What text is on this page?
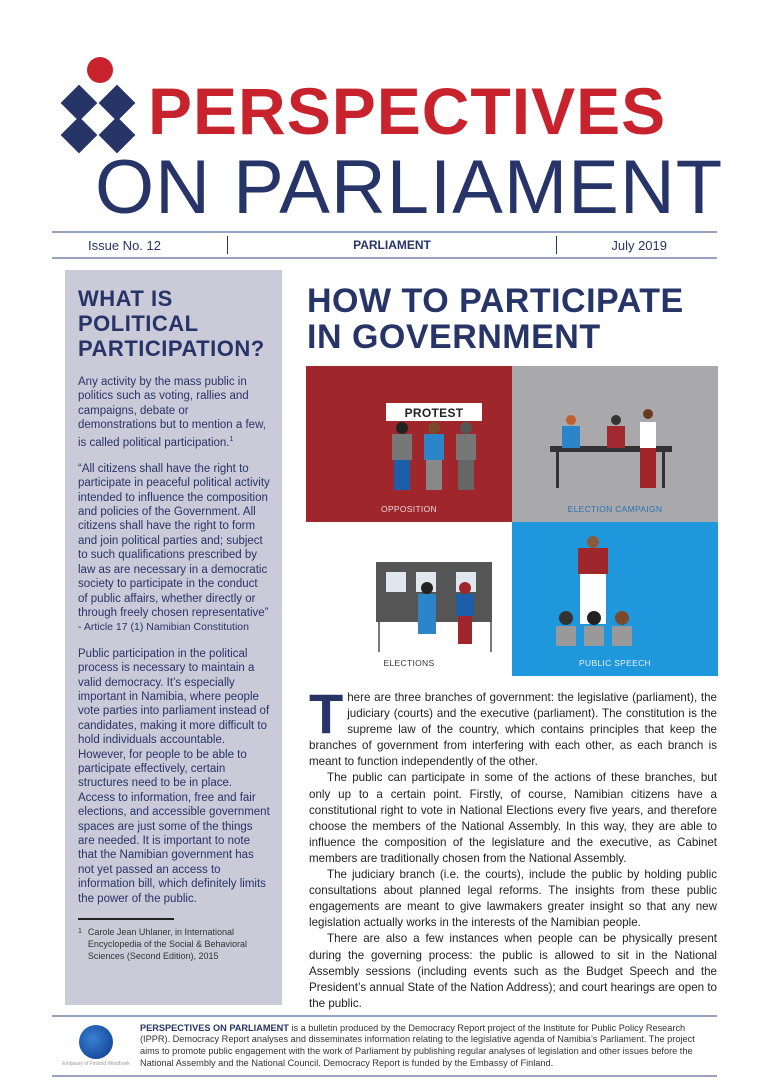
PERSPECTIVES
ON PARLIAMENT
Issue No. 12	PARLIAMENT	July 2019
WHAT IS POLITICAL PARTICIPATION?

Any activity by the mass public in politics such as voting, rallies and campaigns, debate or demonstrations but to mention a few, is called political participation.$^1$

“All citizens shall have the right to participate in peaceful political activity intended to influence the composition and policies of the Government. All citizens shall have the right to form and join political parties and; subject to such qualifications prescribed by law as are necessary in a democratic society to participate in the conduct of public affairs, whether directly or through freely chosen representative”

- Article 17 (1) Namibian Constitution

Public participation in the political process is necessary to maintain a valid democracy. It’s especially important in Namibia, where people vote parties into parliament instead of candidates, making it more difficult to hold individuals accountable. However, for people to be able to participate effectively, certain structures need to be in place. Access to information, free and fair elections, and accessible government spaces are just some of the things are needed. It is important to note that the Namibian government has not yet passed an access to information bill, which definitely limits the power of the public.

1 Carole Jean Uhlaner, in International Encyclopedia of the Social & Behavioral Sciences (Second Edition), 2015
HOW TO PARTICIPATE
IN GOVERNMENT
PROTEST
OPPOSITION	ELECTION CAMPAIGN
ELECTIONS	PUBLIC SPEECH

There are three branches of government: the legislative (parliament), the judiciary (courts) and the executive (parliament). The constitution is the supreme law of the country, which contains principles that keep the branches of government from interfering with each other, as each branch is meant to function independently of the other.

The public can participate in some of the actions of these branches, but only up to a certain point. Firstly, of course, Namibian citizens have a constitutional right to vote in National Elections every five years, and therefore choose the members of the National Assembly. In this way, they are able to influence the composition of the legislature and the executive, as Cabinet members are traditionally chosen from the National Assembly.

The judiciary branch (i.e. the courts), include the public by holding public consultations about planned legal reforms. The insights from these public engagements are meant to give lawmakers greater insight so that any new legislation actually works in the interests of the Namibian people.

There are also a few instances when people can be physically present during the governing process: the public is allowed to sit in the National Assembly sessions (including events such as the Budget Speech and the President’s annual State of the Nation Address); and court hearings are open to the public.

Embassy of Finland Windhoek
PERSPECTIVES ON PARLIAMENT is a bulletin produced by the Democracy Report project of the Institute for Public Policy Research (IPPR). Democracy Report analyses and disseminates information relating to the legislative agenda of Namibia’s Parliament. The project aims to promote public engagement with the work of Parliament by publishing regular analyses of legislation and other issues before the National Assembly and the National Council. Democracy Report is funded by the Embassy of Finland.
